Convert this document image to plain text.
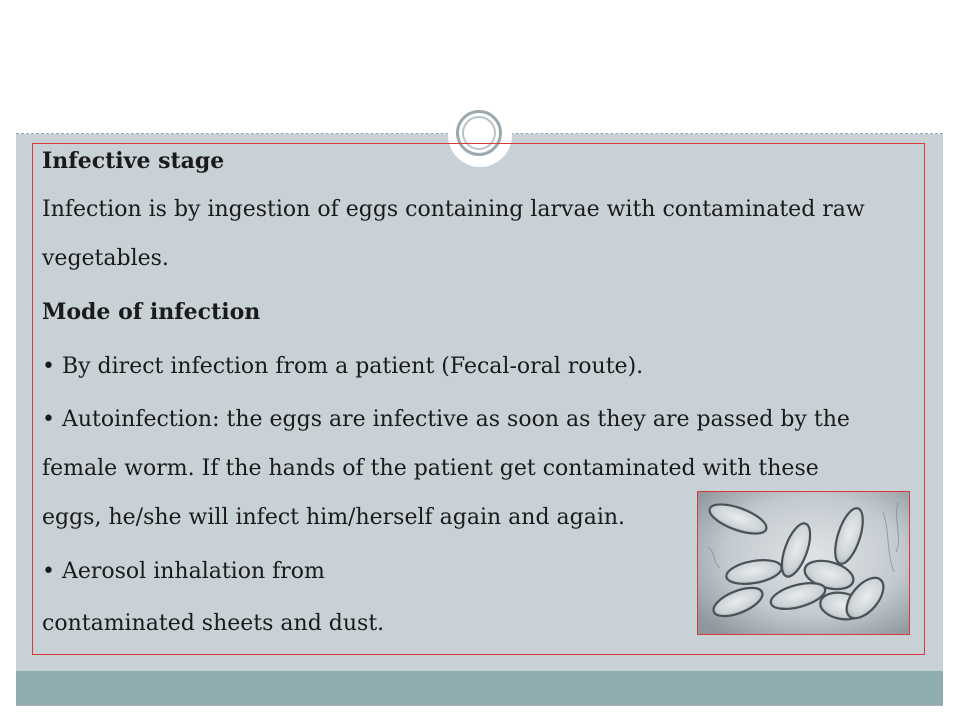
Infective stage

Infection is by ingestion of eggs containing larvae with contaminated raw

vegetables.

Mode of infection

• By direct infection from a patient (Fecal-oral route).

• Autoinfection: the eggs are infective as soon as they are passed by the

female worm. If the hands of the patient get contaminated with these

eggs, he/she will infect him/herself again and again.

• Aerosol inhalation from

contaminated sheets and dust.
